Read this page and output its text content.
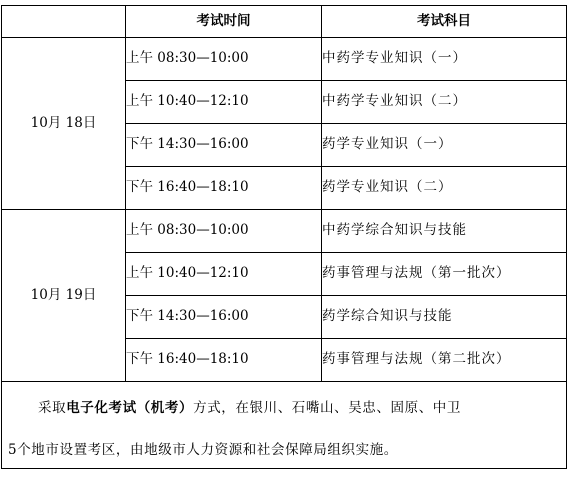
	考试时间	考试科目
10月 18日	上午 08:30—10:00	中药学专业知识（一）
	上午 10:40—12:10	中药学专业知识（二）
	下午 14:30—16:00	药学专业知识（一）
	下午 16:40—18:10	药学专业知识（二）
10月 19日	上午 08:30—10:00	中药学综合知识与技能
	上午 10:40—12:10	药事管理与法规（第一批次）
	下午 14:30—16:00	药学综合知识与技能
	下午 16:40—18:10	药事管理与法规（第二批次）

采取电子化考试（机考）方式，在银川、石嘴山、吴忠、固原、中卫
5个地市设置考区，由地级市人力资源和社会保障局组织实施。		
